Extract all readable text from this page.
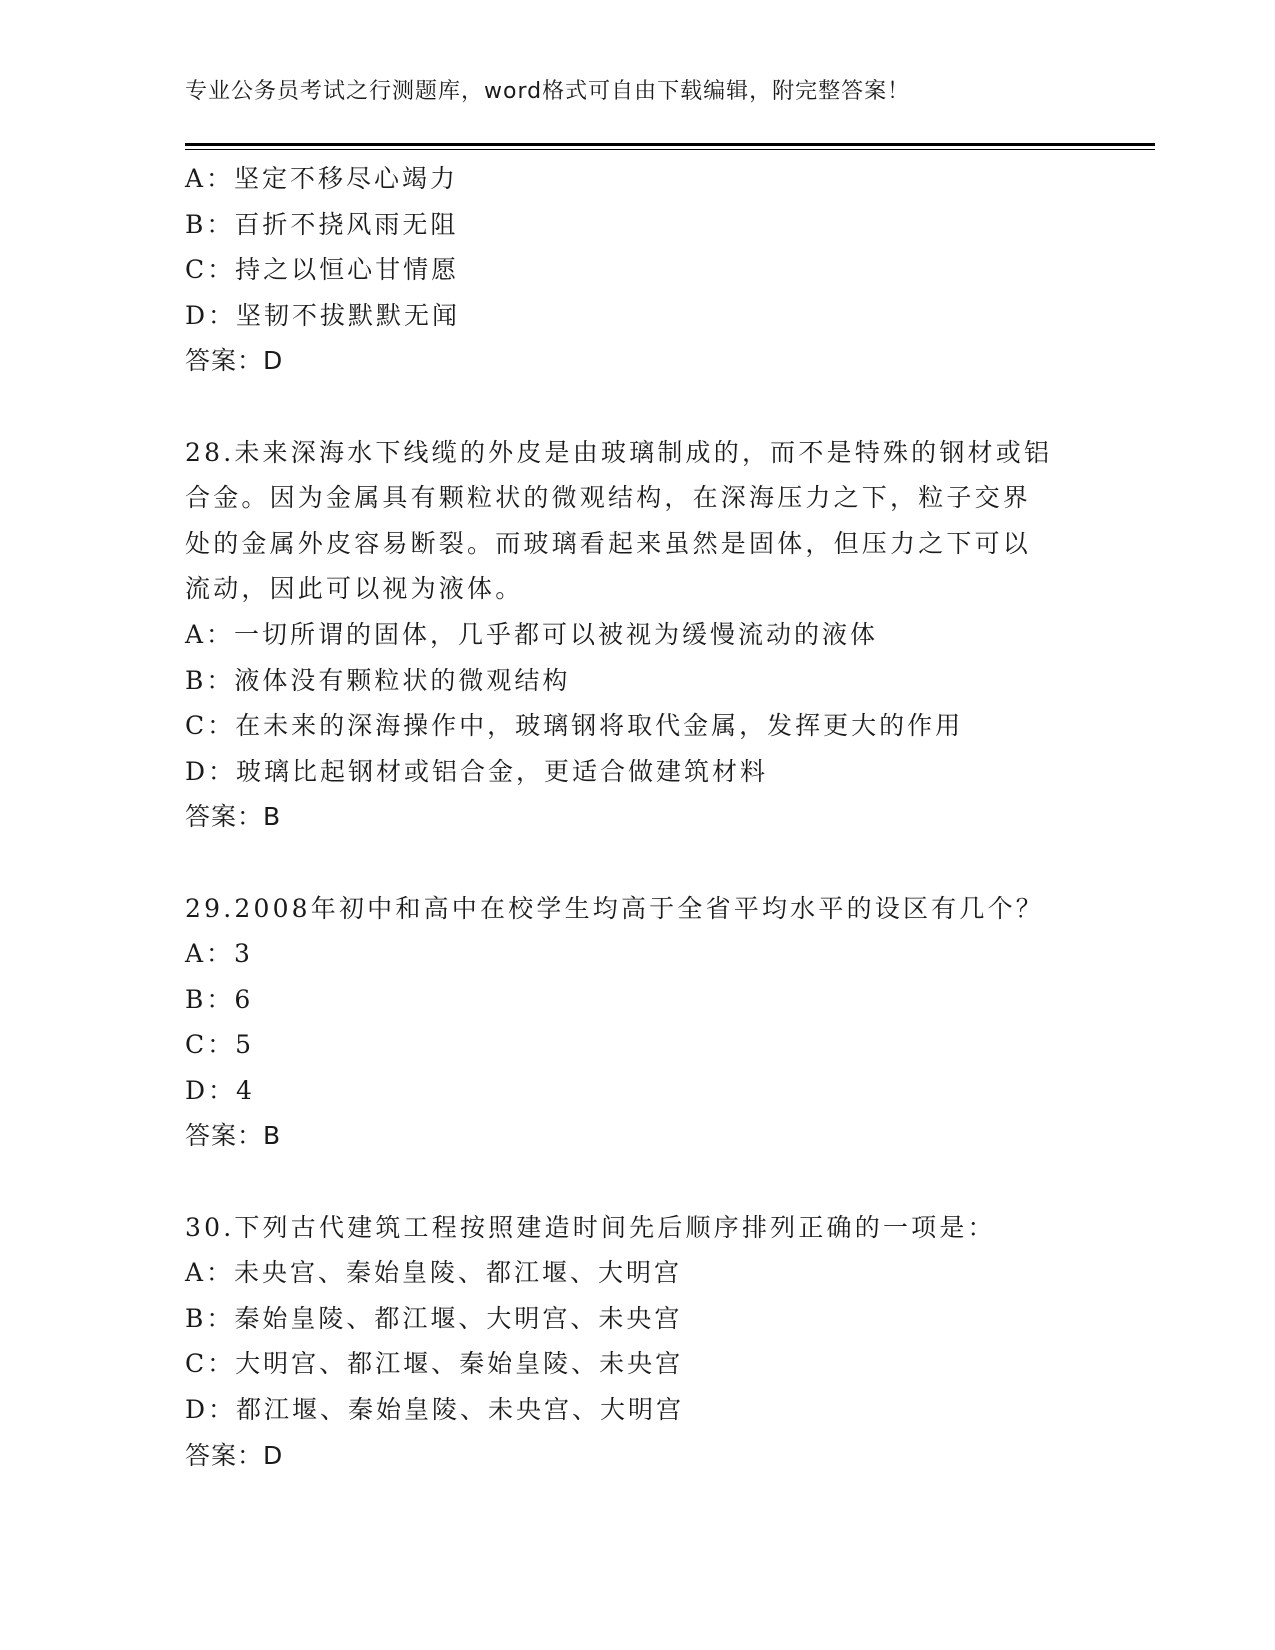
专业公务员考试之行测题库，word格式可自由下载编辑，附完整答案！
A：坚定不移尽心竭力
B：百折不挠风雨无阻
C：持之以恒心甘情愿
D：坚韧不拔默默无闻
答案：D
28.未来深海水下线缆的外皮是由玻璃制成的，而不是特殊的钢材或铝
合金。因为金属具有颗粒状的微观结构，在深海压力之下，粒子交界
处的金属外皮容易断裂。而玻璃看起来虽然是固体，但压力之下可以
流动，因此可以视为液体。
A：一切所谓的固体，几乎都可以被视为缓慢流动的液体
B：液体没有颗粒状的微观结构
C：在未来的深海操作中，玻璃钢将取代金属，发挥更大的作用
D：玻璃比起钢材或铝合金，更适合做建筑材料
答案：B
29.2008年初中和高中在校学生均高于全省平均水平的设区有几个？
A：3
B：6
C：5
D：4
答案：B
30.下列古代建筑工程按照建造时间先后顺序排列正确的一项是：
A：未央宫、秦始皇陵、都江堰、大明宫
B：秦始皇陵、都江堰、大明宫、未央宫
C：大明宫、都江堰、秦始皇陵、未央宫
D：都江堰、秦始皇陵、未央宫、大明宫
答案：D
